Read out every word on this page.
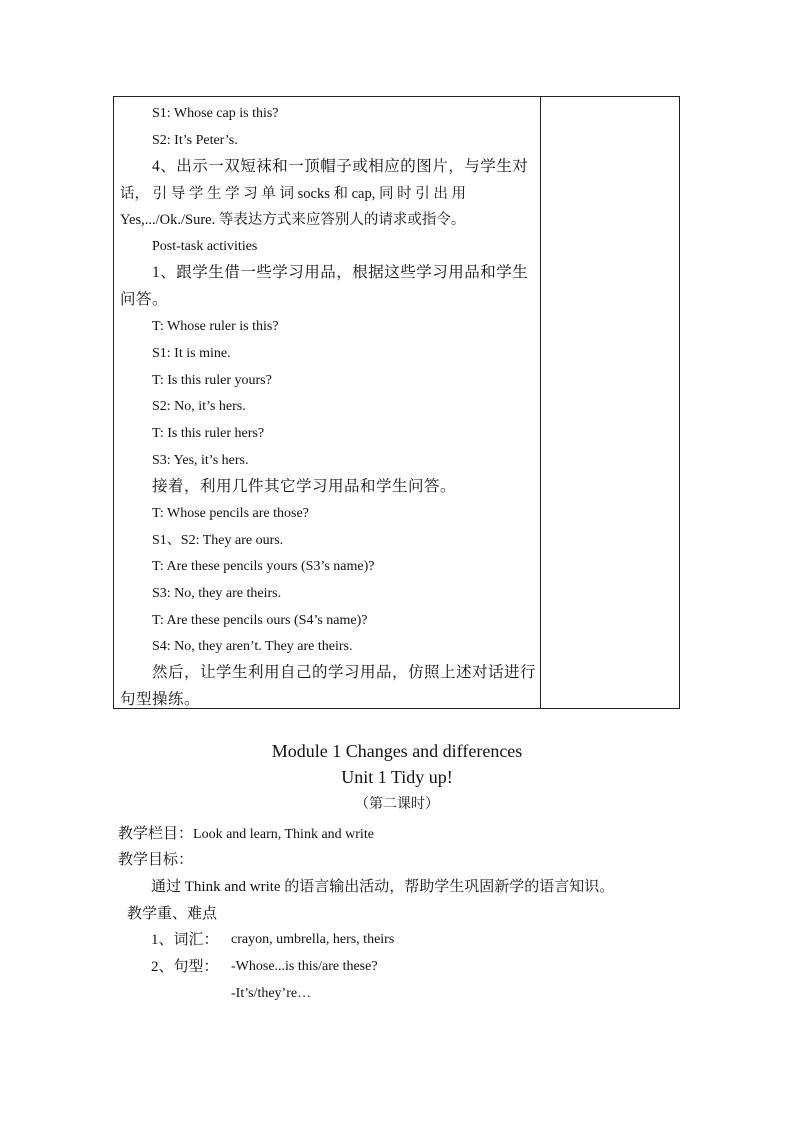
S1: Whose cap is this?
S2: It’s Peter’s.
4、出示一双短袜和一顶帽子或相应的图片，与学生对
话， 引 导 学 生 学 习 单 词 socks 和 cap, 同 时 引 出 用
Yes,.../Ok./Sure. 等表达方式来应答别人的请求或指令。
Post-task activities
1、跟学生借一些学习用品，根据这些学习用品和学生
问答。
T: Whose ruler is this?
S1: It is mine.
T: Is this ruler yours?
S2: No, it’s hers.
T: Is this ruler hers?
S3: Yes, it’s hers.
接着，利用几件其它学习用品和学生问答。
T: Whose pencils are those?
S1、S2: They are ours.
T: Are these pencils yours (S3’s name)?
S3: No, they are theirs.
T: Are these pencils ours (S4’s name)?
S4: No, they aren’t. They are theirs.
然后，让学生利用自己的学习用品，仿照上述对话进行
句型操练。
Module 1 Changes and differences
Unit 1 Tidy up!
（第二课时）
教学栏目：Look and learn, Think and write
教学目标：
通过 Think and write 的语言输出活动，帮助学生巩固新学的语言知识。
教学重、难点
1、词汇： crayon, umbrella, hers, theirs
2、句型： -Whose...is this/are these?
-It’s/they’re…
